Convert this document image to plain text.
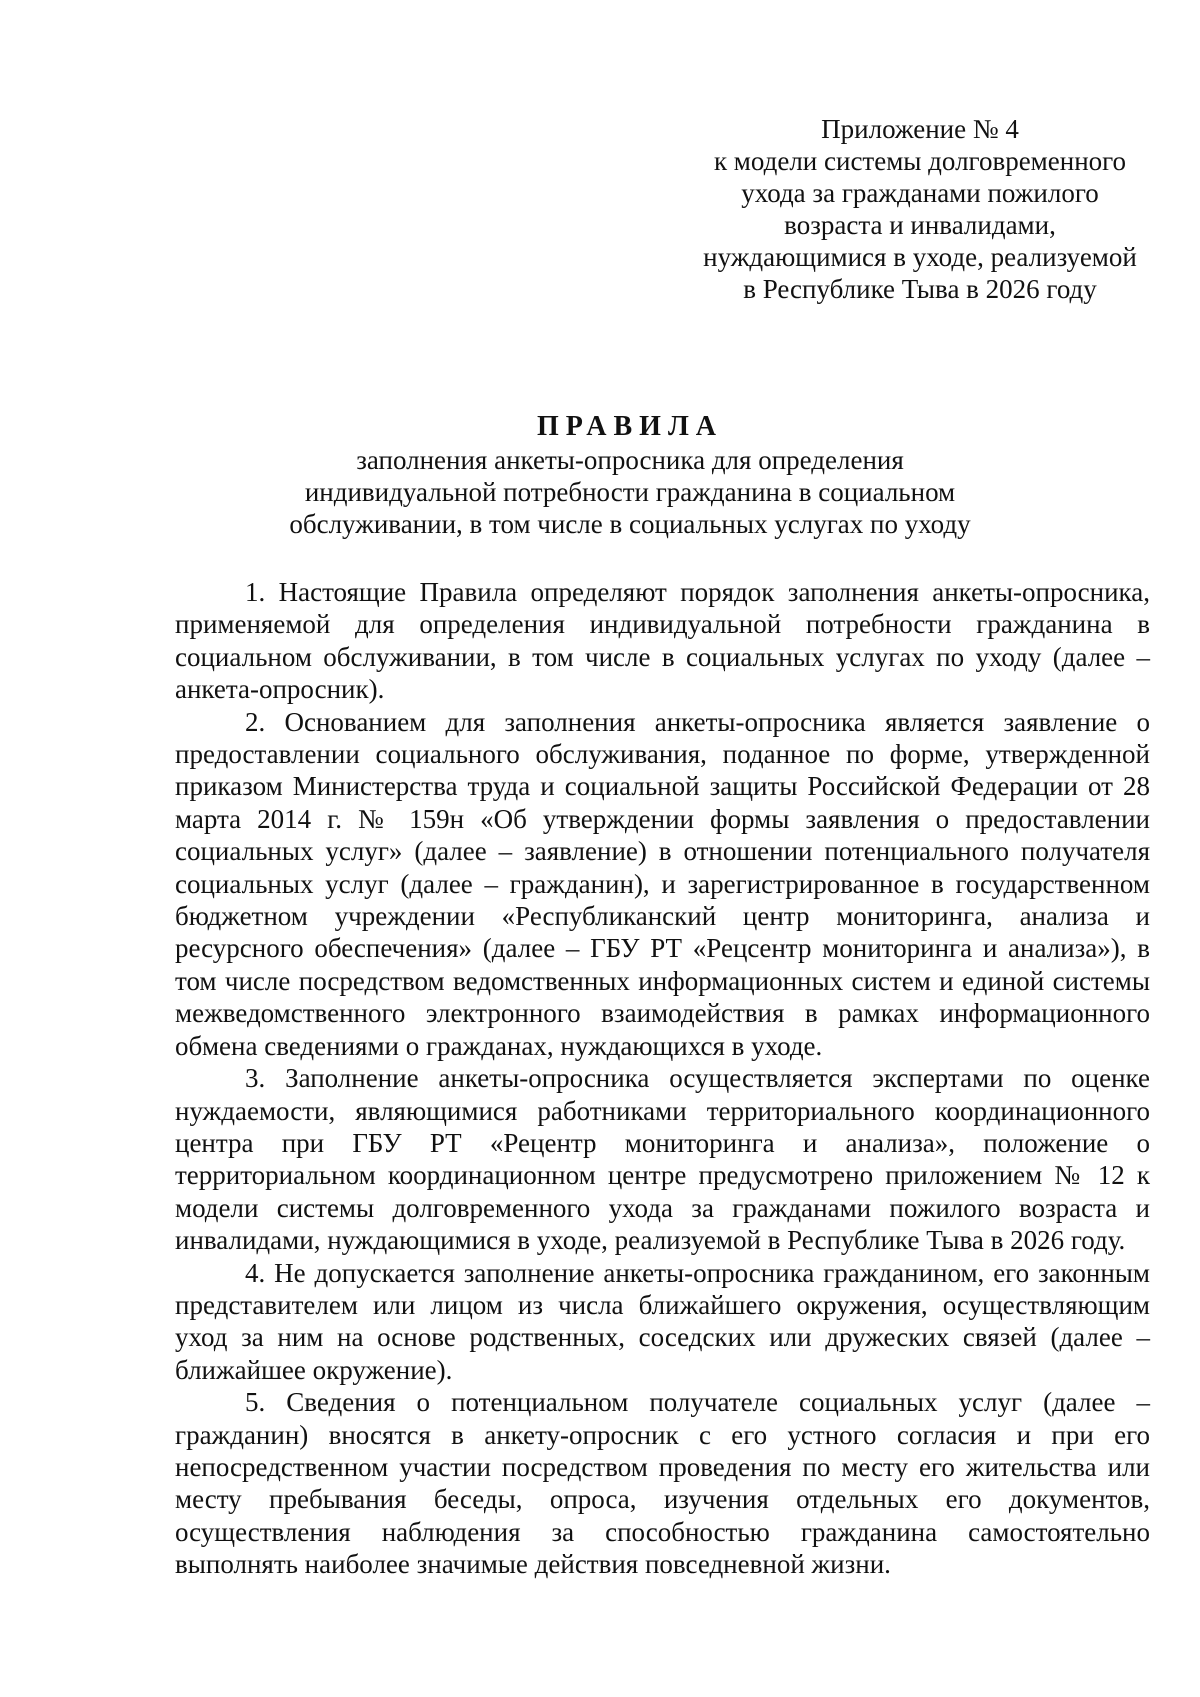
Приложение № 4
к модели системы долговременного
ухода за гражданами пожилого
возраста и инвалидами,
нуждающимися в уходе, реализуемой
в Республике Тыва в 2026 году
ПРАВИЛА
заполнения анкеты-опросника для определения
индивидуальной потребности гражданина в социальном
обслуживании, в том числе в социальных услугах по уходу

1. Настоящие Правила определяют порядок заполнения анкеты-опросника, применяемой для определения индивидуальной потребности гражданина в социальном обслуживании, в том числе в социальных услугах по уходу (далее – анкета-опросник).

2. Основанием для заполнения анкеты-опросника является заявление о предоставлении социального обслуживания, поданное по форме, утвержденной приказом Министерства труда и социальной защиты Российской Федерации от 28 марта 2014 г. № 159н «Об утверждении формы заявления о предоставлении социальных услуг» (далее – заявление) в отношении потенциального получателя социальных услуг (далее – гражданин), и зарегистрированное в государственном бюджетном учреждении «Республиканский центр мониторинга, анализа и ресурсного обеспечения» (далее – ГБУ РТ «Рецcентр мониторинга и анализа»), в том числе посредством ведомственных информационных систем и единой системы межведомственного электронного взаимодействия в рамках информационного обмена сведениями о гражданах, нуждающихся в уходе.

3. Заполнение анкеты-опросника осуществляется экспертами по оценке нуждаемости, являющимися работниками территориального координационного центра при ГБУ РТ «Рецентр мониторинга и анализа», положение о территориальном координационном центре предусмотрено приложением № 12 к модели системы долговременного ухода за гражданами пожилого возраста и инвалидами, нуждающимися в уходе, реализуемой в Республике Тыва в 2026 году.

4. Не допускается заполнение анкеты-опросника гражданином, его законным представителем или лицом из числа ближайшего окружения, осуществляющим уход за ним на основе родственных, соседских или дружеских связей (далее – ближайшее окружение).

5. Сведения о потенциальном получателе социальных услуг (далее – гражданин) вносятся в анкету-опросник с его устного согласия и при его непосредственном участии посредством проведения по месту его жительства или месту пребывания беседы, опроса, изучения отдельных его документов, осуществления наблюдения за способностью гражданина самостоятельно выполнять наиболее значимые действия повседневной жизни.
